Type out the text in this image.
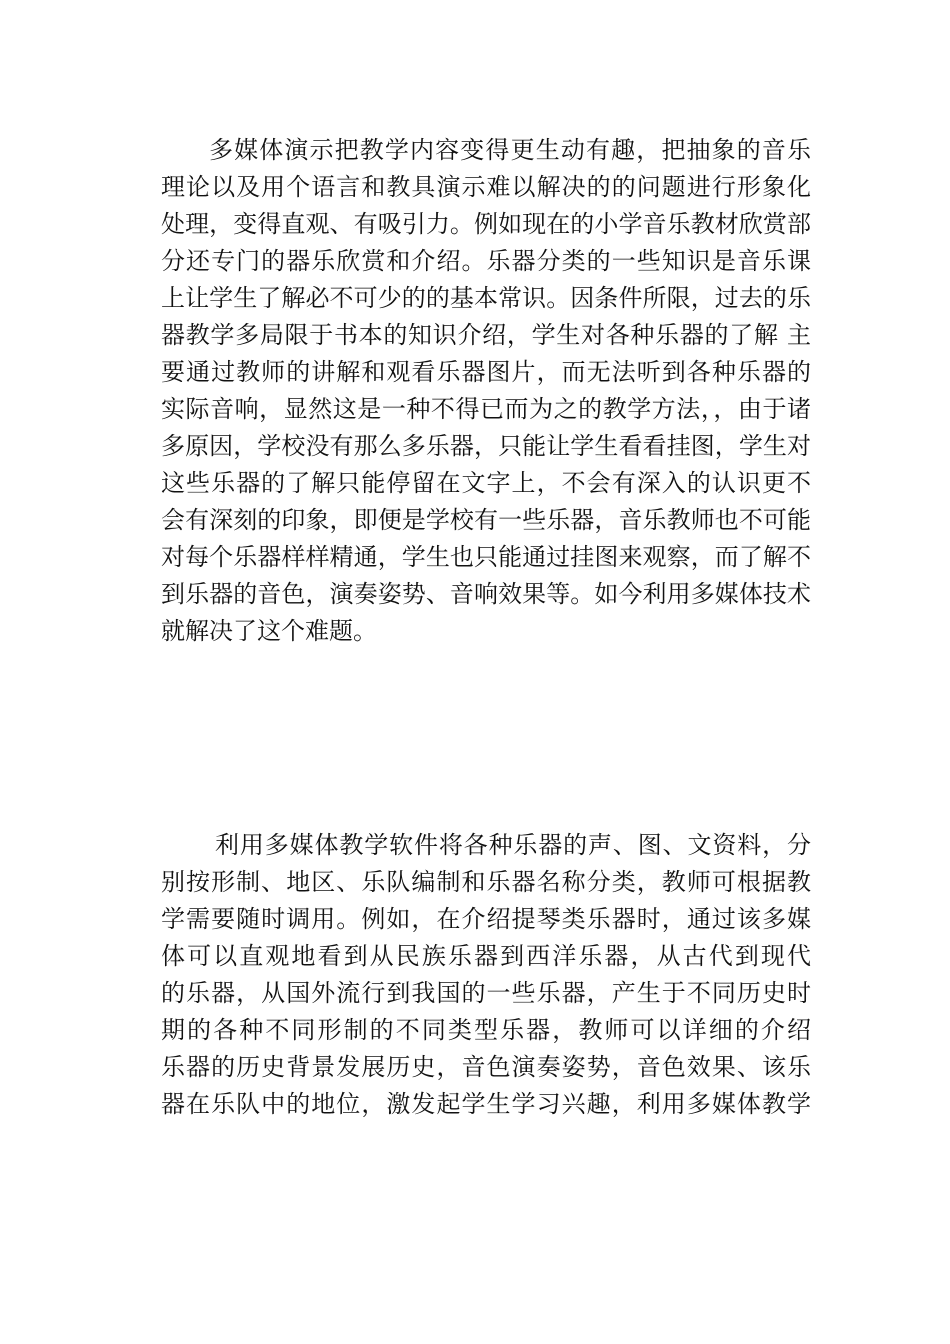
多媒体演示把教学内容变得更生动有趣，把抽象的音乐
理论以及用个语言和教具演示难以解决的的问题进行形象化
处理，变得直观、有吸引力。例如现在的小学音乐教材欣赏部
分还专门的器乐欣赏和介绍。乐器分类的一些知识是音乐课
上让学生了解必不可少的的基本常识。因条件所限，过去的乐
器教学多局限于书本的知识介绍，学生对各种乐器的了解 主
要通过教师的讲解和观看乐器图片，而无法听到各种乐器的
实际音响，显然这是一种不得已而为之的教学方法，，由于诸
多原因，学校没有那么多乐器，只能让学生看看挂图，学生对
这些乐器的了解只能停留在文字上，不会有深入的认识更不
会有深刻的印象，即便是学校有一些乐器，音乐教师也不可能
对每个乐器样样精通，学生也只能通过挂图来观察，而了解不
到乐器的音色，演奏姿势、音响效果等。如今利用多媒体技术
就解决了这个难题。
利用多媒体教学软件将各种乐器的声、图、文资料，分
别按形制、地区、乐队编制和乐器名称分类，教师可根据教
学需要随时调用。例如，在介绍提琴类乐器时，通过该多媒
体可以直观地看到从民族乐器到西洋乐器，从古代到现代
的乐器，从国外流行到我国的一些乐器，产生于不同历史时
期的各种不同形制的不同类型乐器，教师可以详细的介绍
乐器的历史背景发展历史，音色演奏姿势，音色效果、该乐
器在乐队中的地位，激发起学生学习兴趣，利用多媒体教学
